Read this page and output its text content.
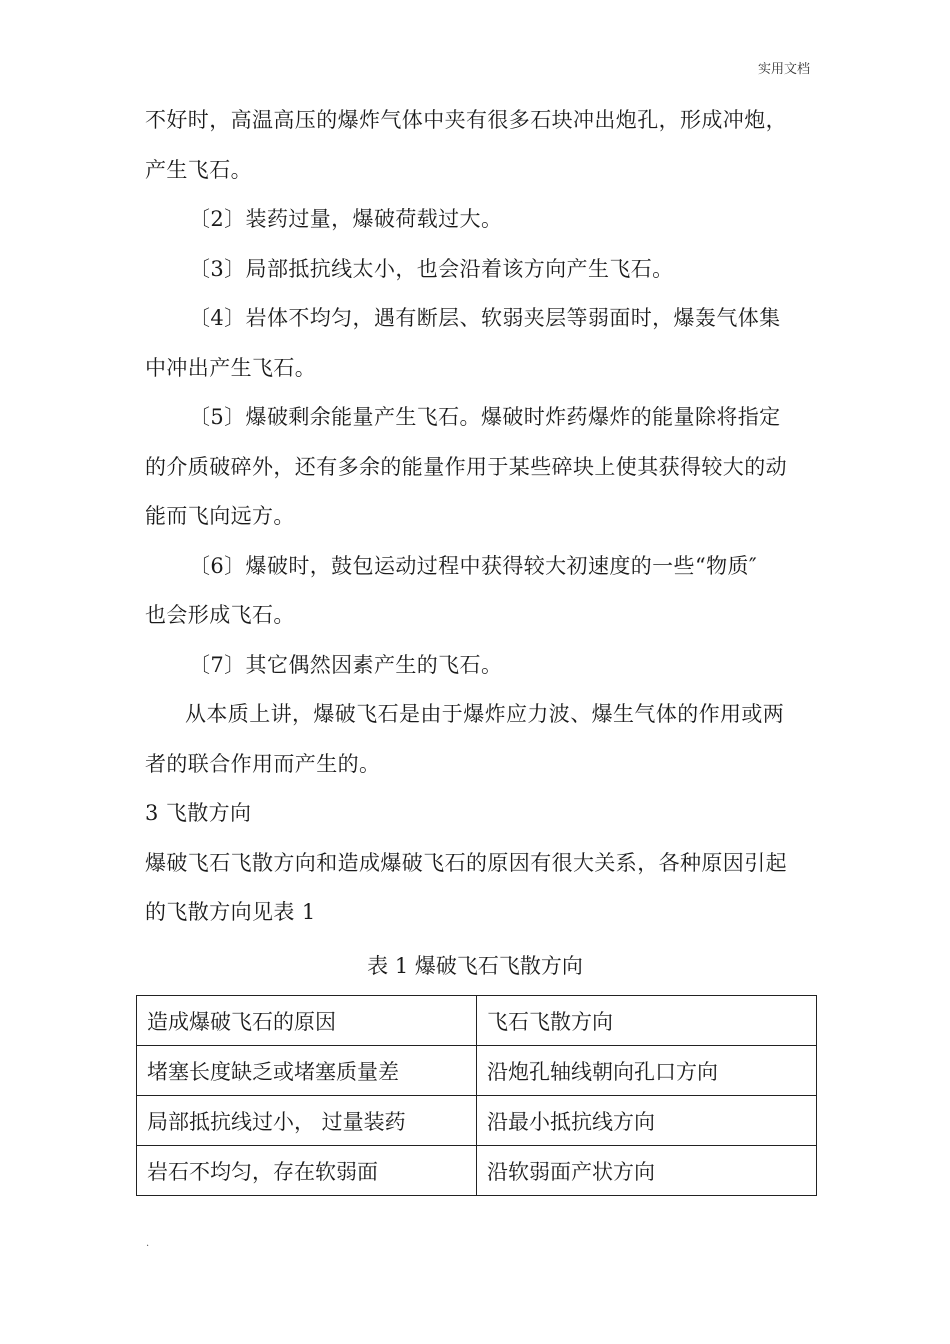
实用文档
不好时，高温高压的爆炸气体中夹有很多石块冲出炮孔，形成冲炮，
产生飞石。
〔2〕装药过量，爆破荷载过大。
〔3〕局部抵抗线太小，也会沿着该方向产生飞石。
〔4〕岩体不均匀，遇有断层、软弱夹层等弱面时，爆轰气体集
中冲出产生飞石。
〔5〕爆破剩余能量产生飞石。爆破时炸药爆炸的能量除将指定
的介质破碎外，还有多余的能量作用于某些碎块上使其获得较大的动
能而飞向远方。
〔6〕爆破时，鼓包运动过程中获得较大初速度的一些“物质″
也会形成飞石。
〔7〕其它偶然因素产生的飞石。
从本质上讲，爆破飞石是由于爆炸应力波、爆生气体的作用或两
者的联合作用而产生的。
3 飞散方向
爆破飞石飞散方向和造成爆破飞石的原因有很大关系，各种原因引起
的飞散方向见表 1
表 1 爆破飞石飞散方向
造成爆破飞石的原因	飞石飞散方向
堵塞长度缺乏或堵塞质量差	沿炮孔轴线朝向孔口方向
局部抵抗线过小， 过量装药	沿最小抵抗线方向
岩石不均匀，存在软弱面	沿软弱面产状方向
.
